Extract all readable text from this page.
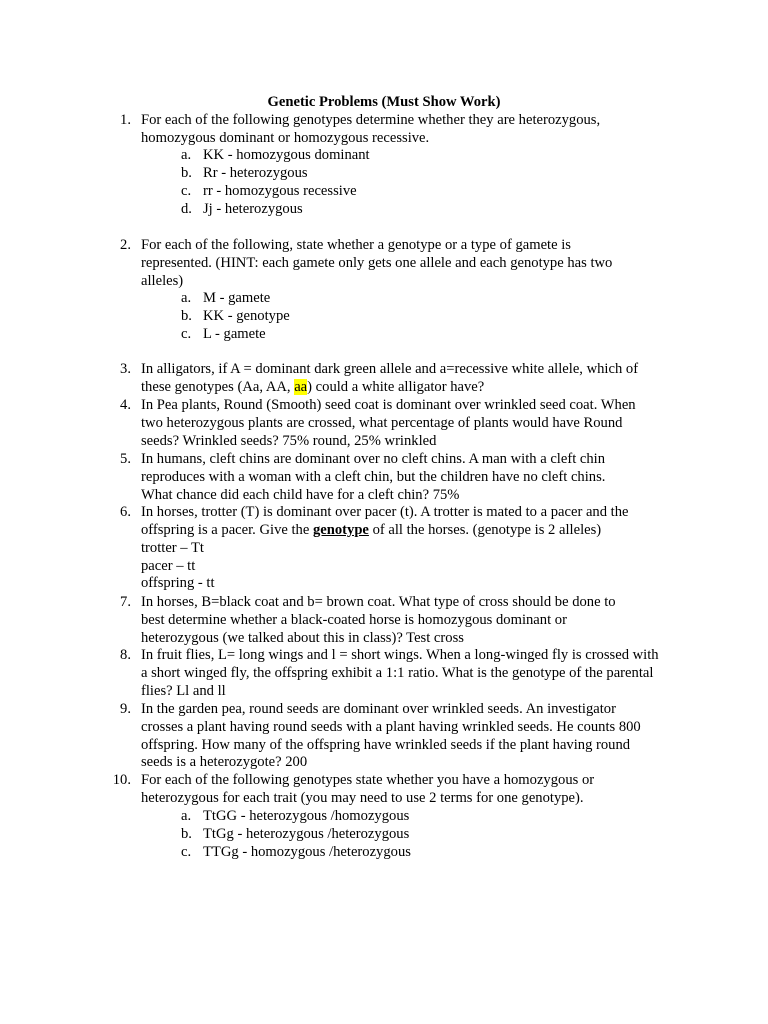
Genetic Problems (Must Show Work)
1. For each of the following genotypes determine whether they are heterozygous, homozygous dominant or homozygous recessive.
a. KK - homozygous dominant
b. Rr - heterozygous
c. rr - homozygous recessive
d. Jj - heterozygous
2. For each of the following, state whether a genotype or a type of gamete is represented. (HINT: each gamete only gets one allele and each genotype has two alleles)
a. M - gamete
b. KK - genotype
c. L - gamete
3. In alligators, if A = dominant dark green allele and a=recessive white allele, which of these genotypes (Aa, AA, aa) could a white alligator have?
4. In Pea plants, Round (Smooth) seed coat is dominant over wrinkled seed coat. When two heterozygous plants are crossed, what percentage of plants would have Round seeds? Wrinkled seeds? 75% round, 25% wrinkled
5. In humans, cleft chins are dominant over no cleft chins. A man with a cleft chin reproduces with a woman with a cleft chin, but the children have no cleft chins. What chance did each child have for a cleft chin? 75%
6. In horses, trotter (T) is dominant over pacer (t). A trotter is mated to a pacer and the offspring is a pacer. Give the genotype of all the horses. (genotype is 2 alleles)
trotter – Tt
pacer – tt
offspring - tt
7. In horses, B=black coat and b= brown coat. What type of cross should be done to best determine whether a black-coated horse is homozygous dominant or heterozygous (we talked about this in class)? Test cross
8. In fruit flies, L= long wings and l = short wings. When a long-winged fly is crossed with a short winged fly, the offspring exhibit a 1:1 ratio. What is the genotype of the parental flies? Ll and ll
9. In the garden pea, round seeds are dominant over wrinkled seeds. An investigator crosses a plant having round seeds with a plant having wrinkled seeds. He counts 800 offspring. How many of the offspring have wrinkled seeds if the plant having round seeds is a heterozygote? 200
10. For each of the following genotypes state whether you have a homozygous or heterozygous for each trait (you may need to use 2 terms for one genotype).
a. TtGG - heterozygous /homozygous
b. TtGg - heterozygous /heterozygous
c. TTGg - homozygous /heterozygous
